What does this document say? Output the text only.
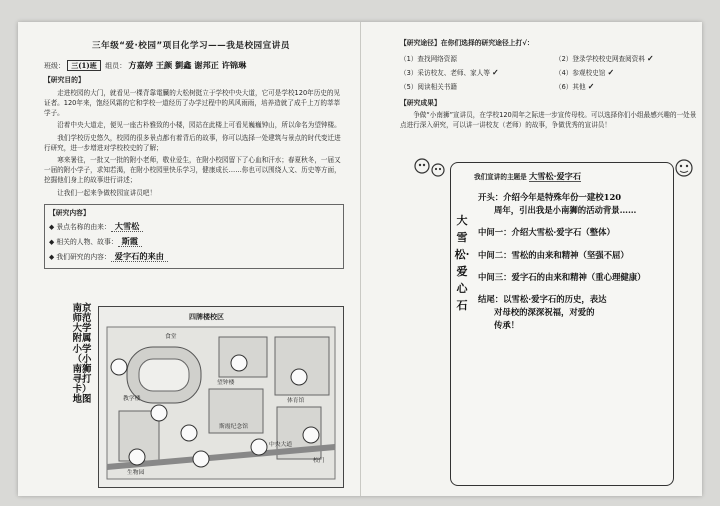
三年级“爱·校园”项目化学习——我是校园宣讲员
班级： 三(1)班 组员： 方嘉婷 王颜 劉鑫 谢邦正 许锦琳
【研究目的】

走进校园的大门，就看见一棵背靠電臟的大松树挺立于学校中央大道，它可是学校120年历史的见证者。120年来，饱经风霜的它和学校一道经历了办学过程中的风风雨雨，培养造就了成千上万的莘莘学子。

沿着中央大道走，便见一座古朴雅致的小楼，园站在此楼上可看见巍巍钟山，所以命名为望钟楼。

我们学校历史悠久，校园的很多景点都有着背后的故事，你可以选择一处建筑与景点的时代变迁进行研究，进一步增进对学校校史的了解；

寒来暑往，一批又一批的附小老师，敬业爱生，在附小校园留下了心血和汗水；春夏秋冬，一届又一届的附小学子，求知若渴，在附小校园里快乐学习，健康成长……你也可以围绕人文、历史等方面，挖掘他们身上的故事进行讲述；

让我们一起来争做校园宣讲员吧！

【研究内容】
◆ 景点名称的由来： 大雪松
◆ 相关的人物、故事： 斯霞
◆ 我们研究的内容： 爱字石的来由
南京师范大学附属小学（小南狮寻打卡）地图
四牌楼校区
食堂
教学楼	体育馆
校门
中央大道
望钟楼
生物园
斯霞纪念馆
【研究途径】在你们选择的研究途径上打√：
（1）查找网络资源	（2）登录学校校史网查阅资料 ✓
（3）采访校友、老师、家人等 ✓	（4）参观校史馆 ✓
（5）阅读相关书籍	（6）其他 ✓
【研究成果】

争做“小南狮”宣讲员，在学校120周年之际进一步宣传母校。可以选择你们小组最感兴趣的一处景点进行深入研究，可以讲一讲校友（老师）的故事，争做优秀的宣讲员！

我们宣讲的主题是 大雪松·爱字石
大雪松·爱心石
开头：介绍今年是特殊年份一建校120
周年，引出我是小南狮的活动背景……
中间一：介绍大雪松·爱字石（整体）
中间二：雪松的由来和精神（坚强不屈）
中间三：爱字石的由来和精神（重心理健康）
结尾：以雪松·爱字石的历史，表达
对母校的深深祝福，对爱的
传承！
